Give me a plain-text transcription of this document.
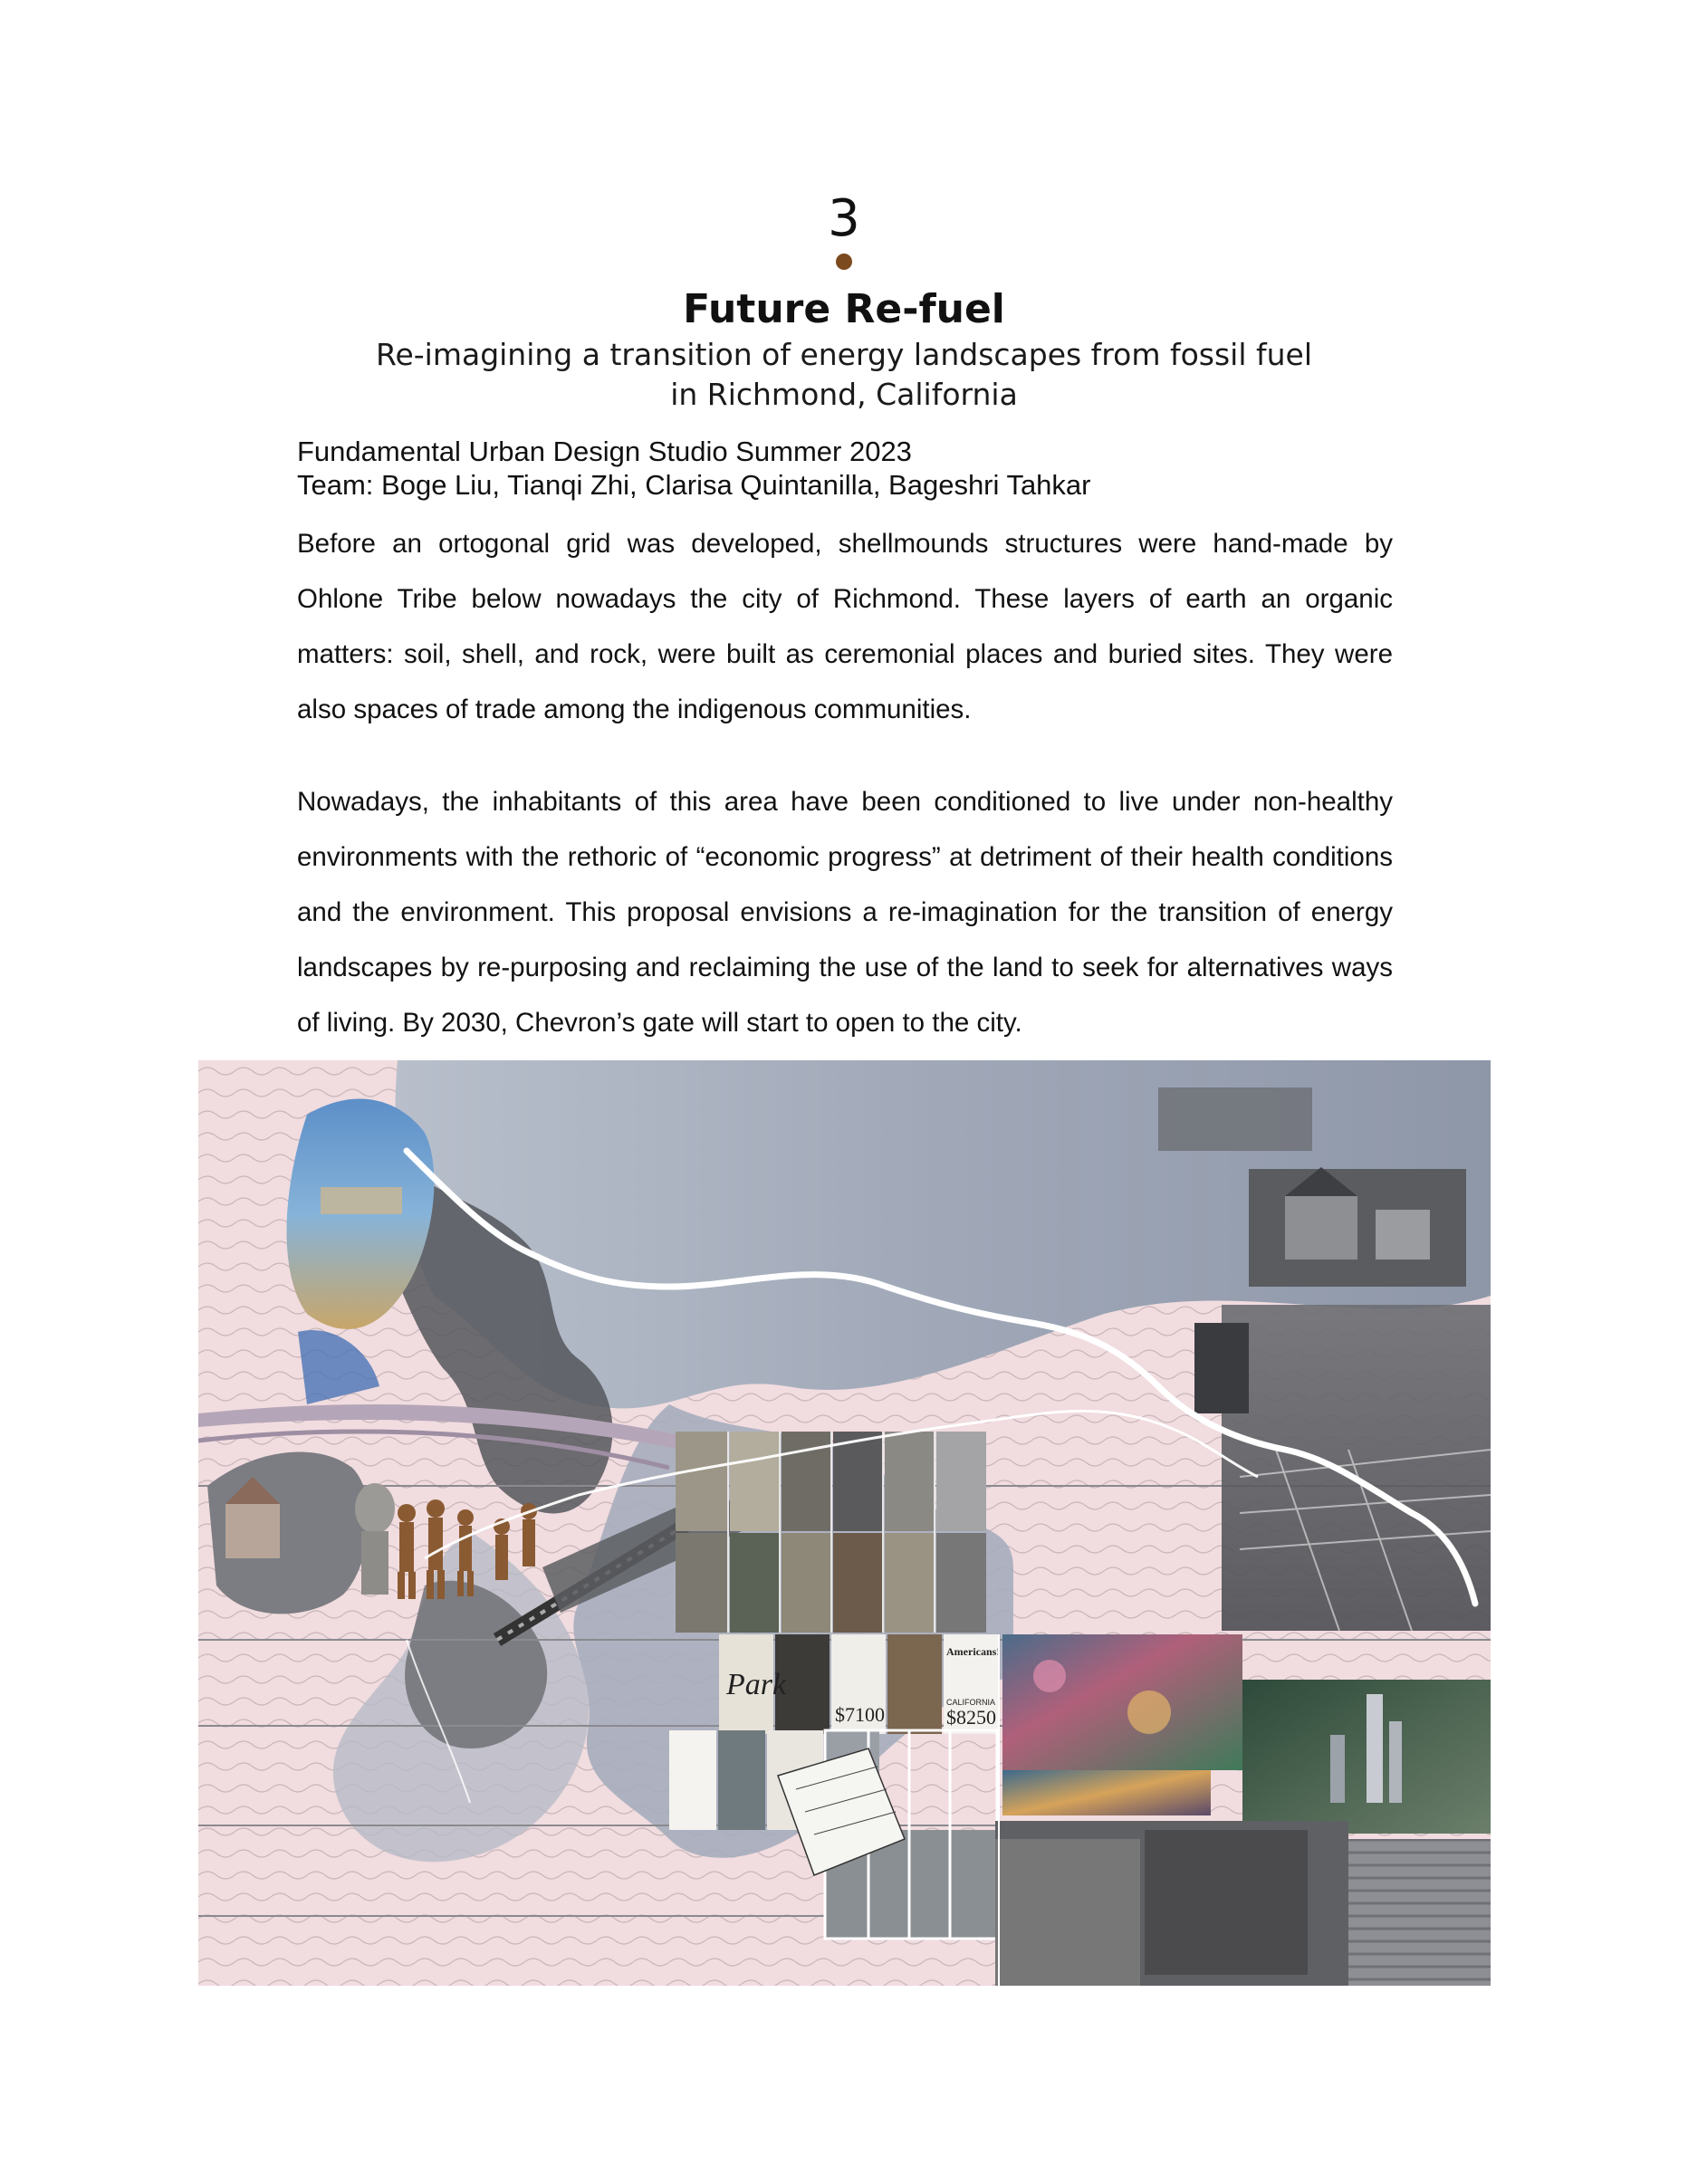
3
Future Re-fuel
Re-imagining a transition of energy landscapes from fossil fuel
in Richmond, California
Fundamental Urban Design Studio Summer 2023
Team: Boge Liu, Tianqi Zhi, Clarisa Quintanilla, Bageshri Tahkar

Before an ortogonal grid was developed, shellmounds structures were hand-made by Ohlone Tribe below nowadays the city of Richmond. These layers of earth an organic matters: soil, shell, and rock, were built as ceremonial places and buried sites. They were also spaces of trade among the indigenous communities.

Nowadays, the inhabitants of this area have been conditioned to live under non-healthy environments with the rethoric of “economic progress” at detriment of their health conditions and the environment. This proposal envisions a re-imagination for the transition of energy landscapes by re-purposing and reclaiming the use of the land to seek for alternatives ways of living. By 2030, Chevron’s gate will start to open to the city.

Park
$7100	$8250
Americans!
CALIFORNIA
